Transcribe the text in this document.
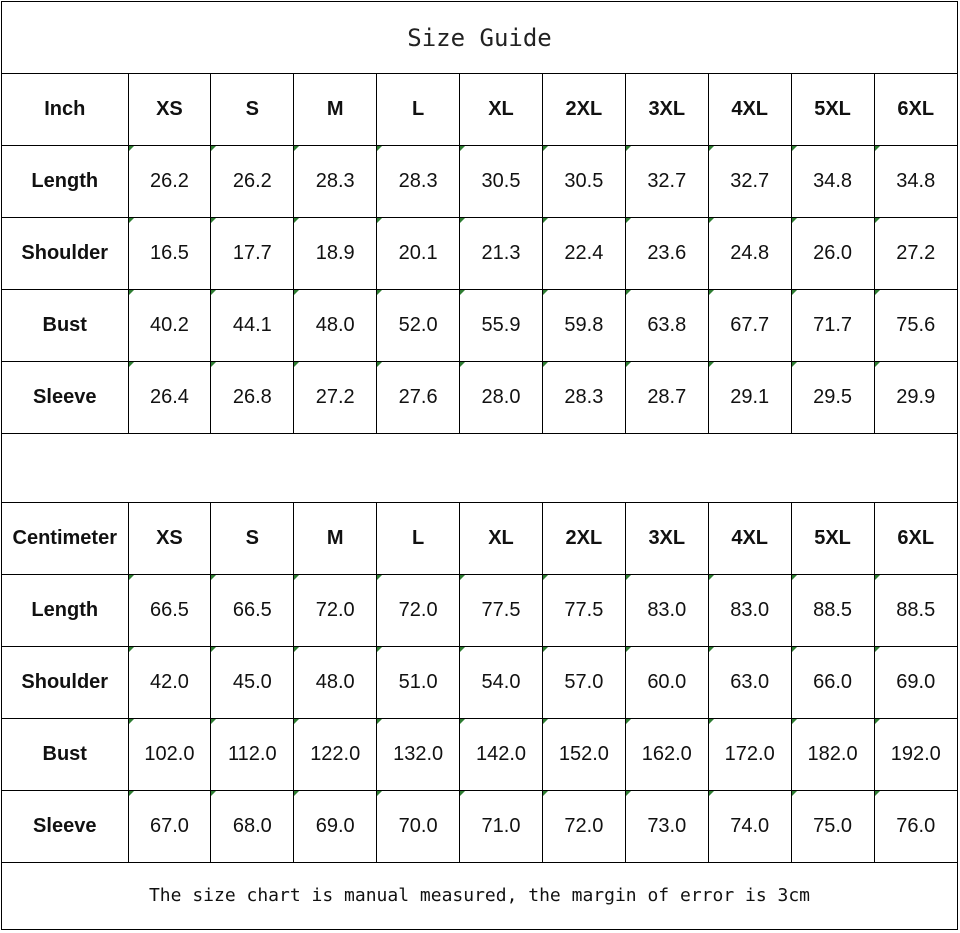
Size Guide
Inch	XS	S	M	L	XL	2XL	3XL	4XL	5XL	6XL
Length	26.2	26.2	28.3	28.3	30.5	30.5	32.7	32.7	34.8	34.8
Shoulder	16.5	17.7	18.9	20.1	21.3	22.4	23.6	24.8	26.0	27.2
Bust	40.2	44.1	48.0	52.0	55.9	59.8	63.8	67.7	71.7	75.6
Sleeve	26.4	26.8	27.2	27.6	28.0	28.3	28.7	29.1	29.5	29.9
Centimeter	XS	S	M	L	XL	2XL	3XL	4XL	5XL	6XL
Length	66.5	66.5	72.0	72.0	77.5	77.5	83.0	83.0	88.5	88.5
Shoulder	42.0	45.0	48.0	51.0	54.0	57.0	60.0	63.0	66.0	69.0
Bust	102.0	112.0	122.0	132.0	142.0	152.0	162.0	172.0	182.0	192.0
Sleeve	67.0	68.0	69.0	70.0	71.0	72.0	73.0	74.0	75.0	76.0
The size chart is manual measured, the margin of error is 3cm
